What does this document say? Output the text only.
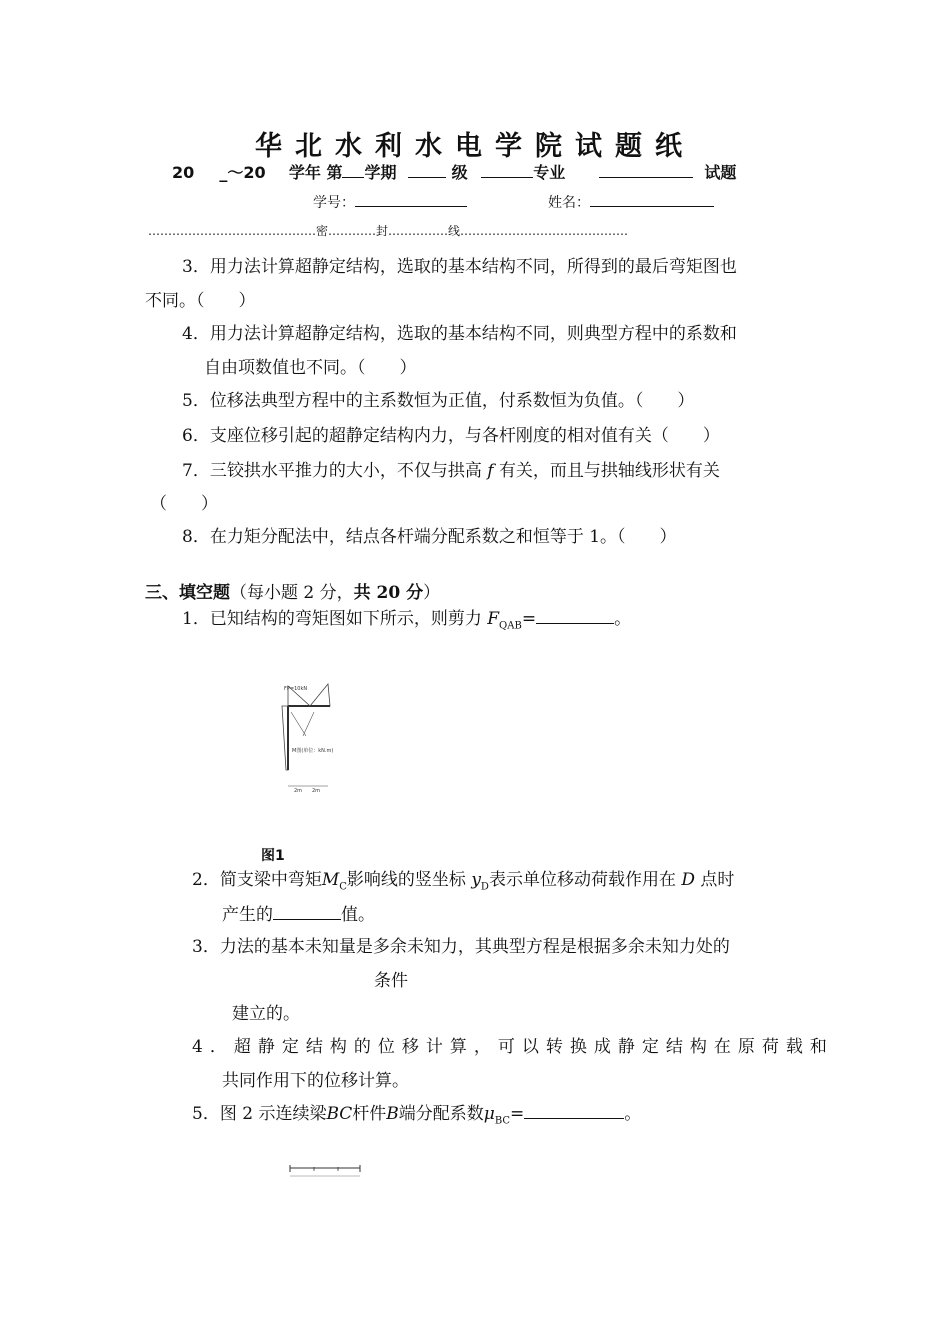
华北水利水电学院试题纸
20 _～20 学年 第 学期	级	专业	试题
学号：	姓名：
……………………………………密…………封……………线……………………………………
3．用力法计算超静定结构，选取的基本结构不同，所得到的最后弯矩图也
不同。（　　）
4．用力法计算超静定结构，选取的基本结构不同，则典型方程中的系数和
自由项数值也不同。（　　）
5．位移法典型方程中的主系数恒为正值，付系数恒为负值。（　　）
6．支座位移引起的超静定结构内力，与各杆刚度的相对值有关（　　）
7．三铰拱水平推力的大小，不仅与拱高 f 有关，而且与拱轴线形状有关
（　　）
8．在力矩分配法中，结点各杆端分配系数之和恒等于 1。（　　）
三、填空题（每小题 2 分，共 20 分）
1．已知结构的弯矩图如下所示，则剪力 $F_{QAB}=$	。
FP=10kN
M图(单位：kN.m)
2m 2m
图1
2．简支梁中弯矩$M_C$影响线的竖坐标 $y_D$表示单位移动荷载作用在 D 点时
产生的	值。
3．力法的基本未知量是多余未知力，其典型方程是根据多余未知力处的
条件
建立的。
4．超静定结构的位移计算，可以转换成静定结构在原荷载和
共同作用下的位移计算。
5．图 2 示连续梁BC杆件B端分配系数$\mu_{BC}=$	。
